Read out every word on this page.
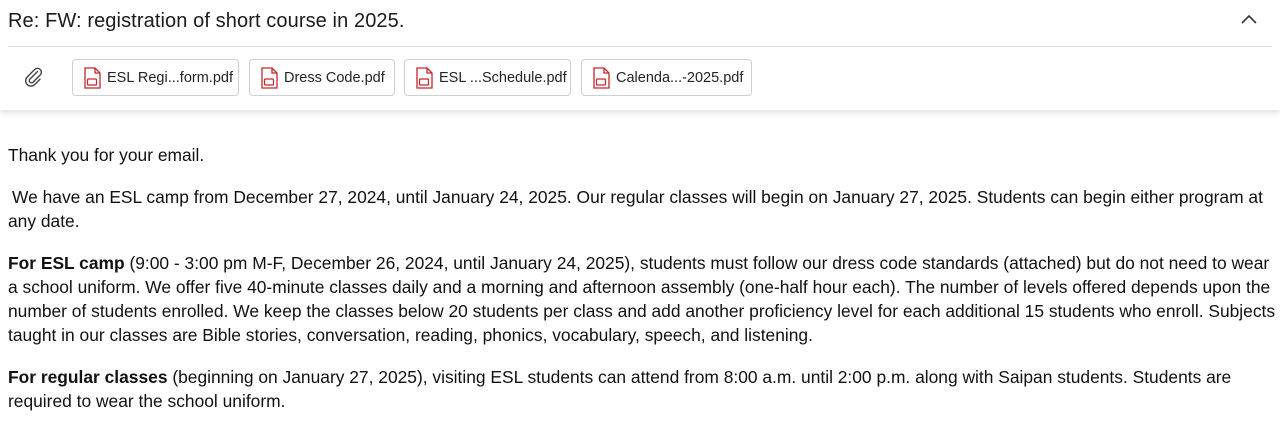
Re: FW: registration of short course in 2025.
ESL Regi...form.pdf	Dress Code.pdf	ESL ...Schedule.pdf	Calenda...-2025.pdf

Thank you for your email.

We have an ESL camp from December 27, 2024, until January 24, 2025. Our regular classes will begin on January 27, 2025. Students can begin either program at any date.

For ESL camp (9:00 - 3:00 pm M-F, December 26, 2024, until January 24, 2025), students must follow our dress code standards (attached) but do not need to wear a school uniform. We offer five 40-minute classes daily and a morning and afternoon assembly (one-half hour each). The number of levels offered depends upon the number of students enrolled. We keep the classes below 20 students per class and add another proficiency level for each additional 15 students who enroll. Subjects taught in our classes are Bible stories, conversation, reading, phonics, vocabulary, speech, and listening.

For regular classes (beginning on January 27, 2025), visiting ESL students can attend from 8:00 a.m. until 2:00 p.m. along with Saipan students. Students are required to wear the school uniform.
